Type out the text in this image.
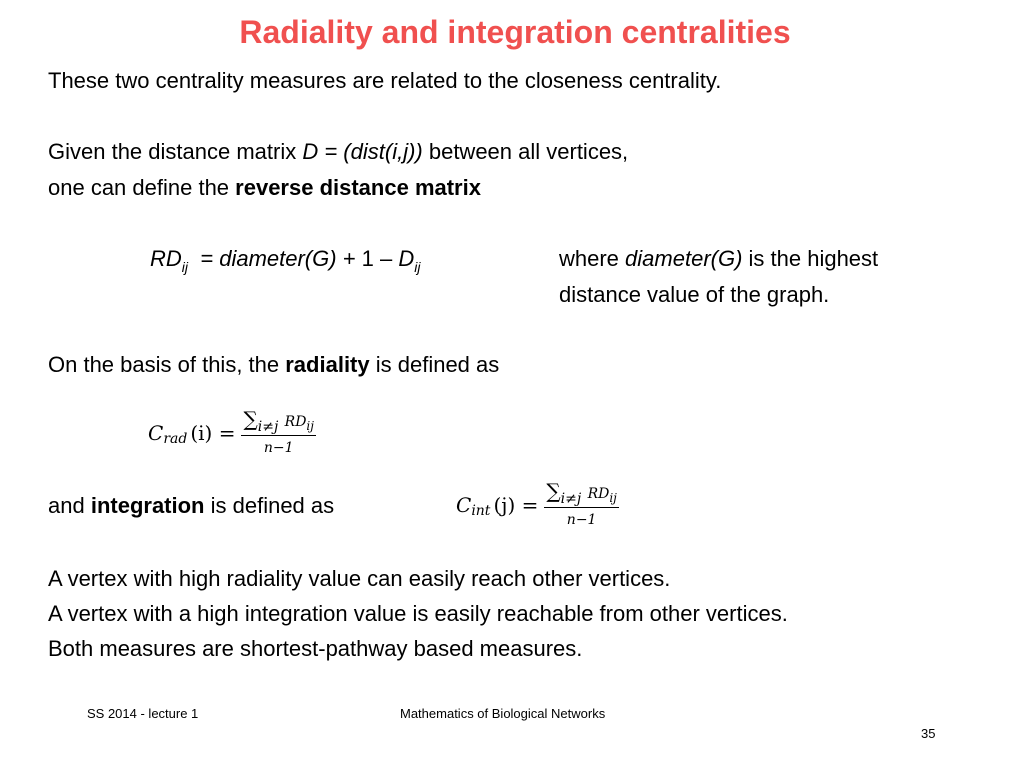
Radiality and integration centralities
These two centrality measures are related to the closeness centrality.
Given the distance matrix D = (dist(i,j)) between all vertices,
one can define the reverse distance matrix
$RD_{ij}$ = diameter(G) + $1 - D_{ij}$	where diameter(G) is the highest
distance value of the graph.
On the basis of this, the radiality is defined as
C rad $(i) = \frac{\sum_{i\ne j} RD_{ij}}{n-1}$
and integration is defined as	C int $(j) = \frac{\sum_{i\ne j} RD_{ij}}{n-1}$
A vertex with high radiality value can easily reach other vertices.
A vertex with a high integration value is easily reachable from other vertices.
Both measures are shortest-pathway based measures.
SS 2014 - lecture 1	Mathematics of Biological Networks
35
